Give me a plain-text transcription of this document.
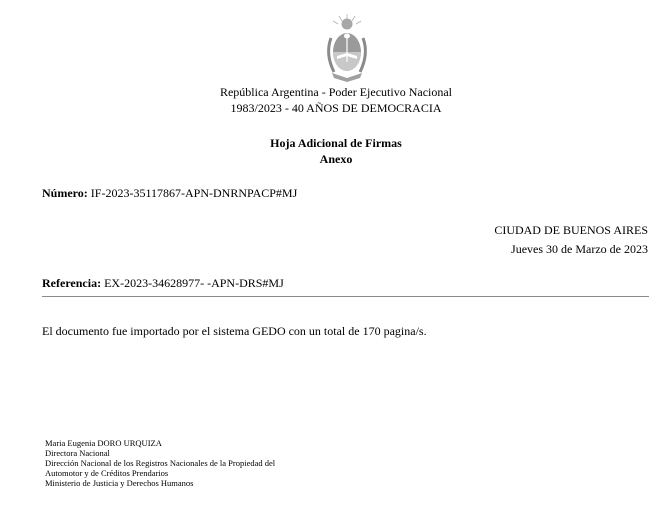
República Argentina - Poder Ejecutivo Nacional
1983/2023 - 40 AÑOS DE DEMOCRACIA
Hoja Adicional de Firmas
Anexo
Número: IF-2023-35117867-APN-DNRNPACP#MJ
CIUDAD DE BUENOS AIRES
Jueves 30 de Marzo de 2023
Referencia: EX-2023-34628977- -APN-DRS#MJ
El documento fue importado por el sistema GEDO con un total de 170 pagina/s.
Maria Eugenia DORO URQUIZA
Directora Nacional
Dirección Nacional de los Registros Nacionales de la Propiedad del
Automotor y de Créditos Prendarios
Ministerio de Justicia y Derechos Humanos
